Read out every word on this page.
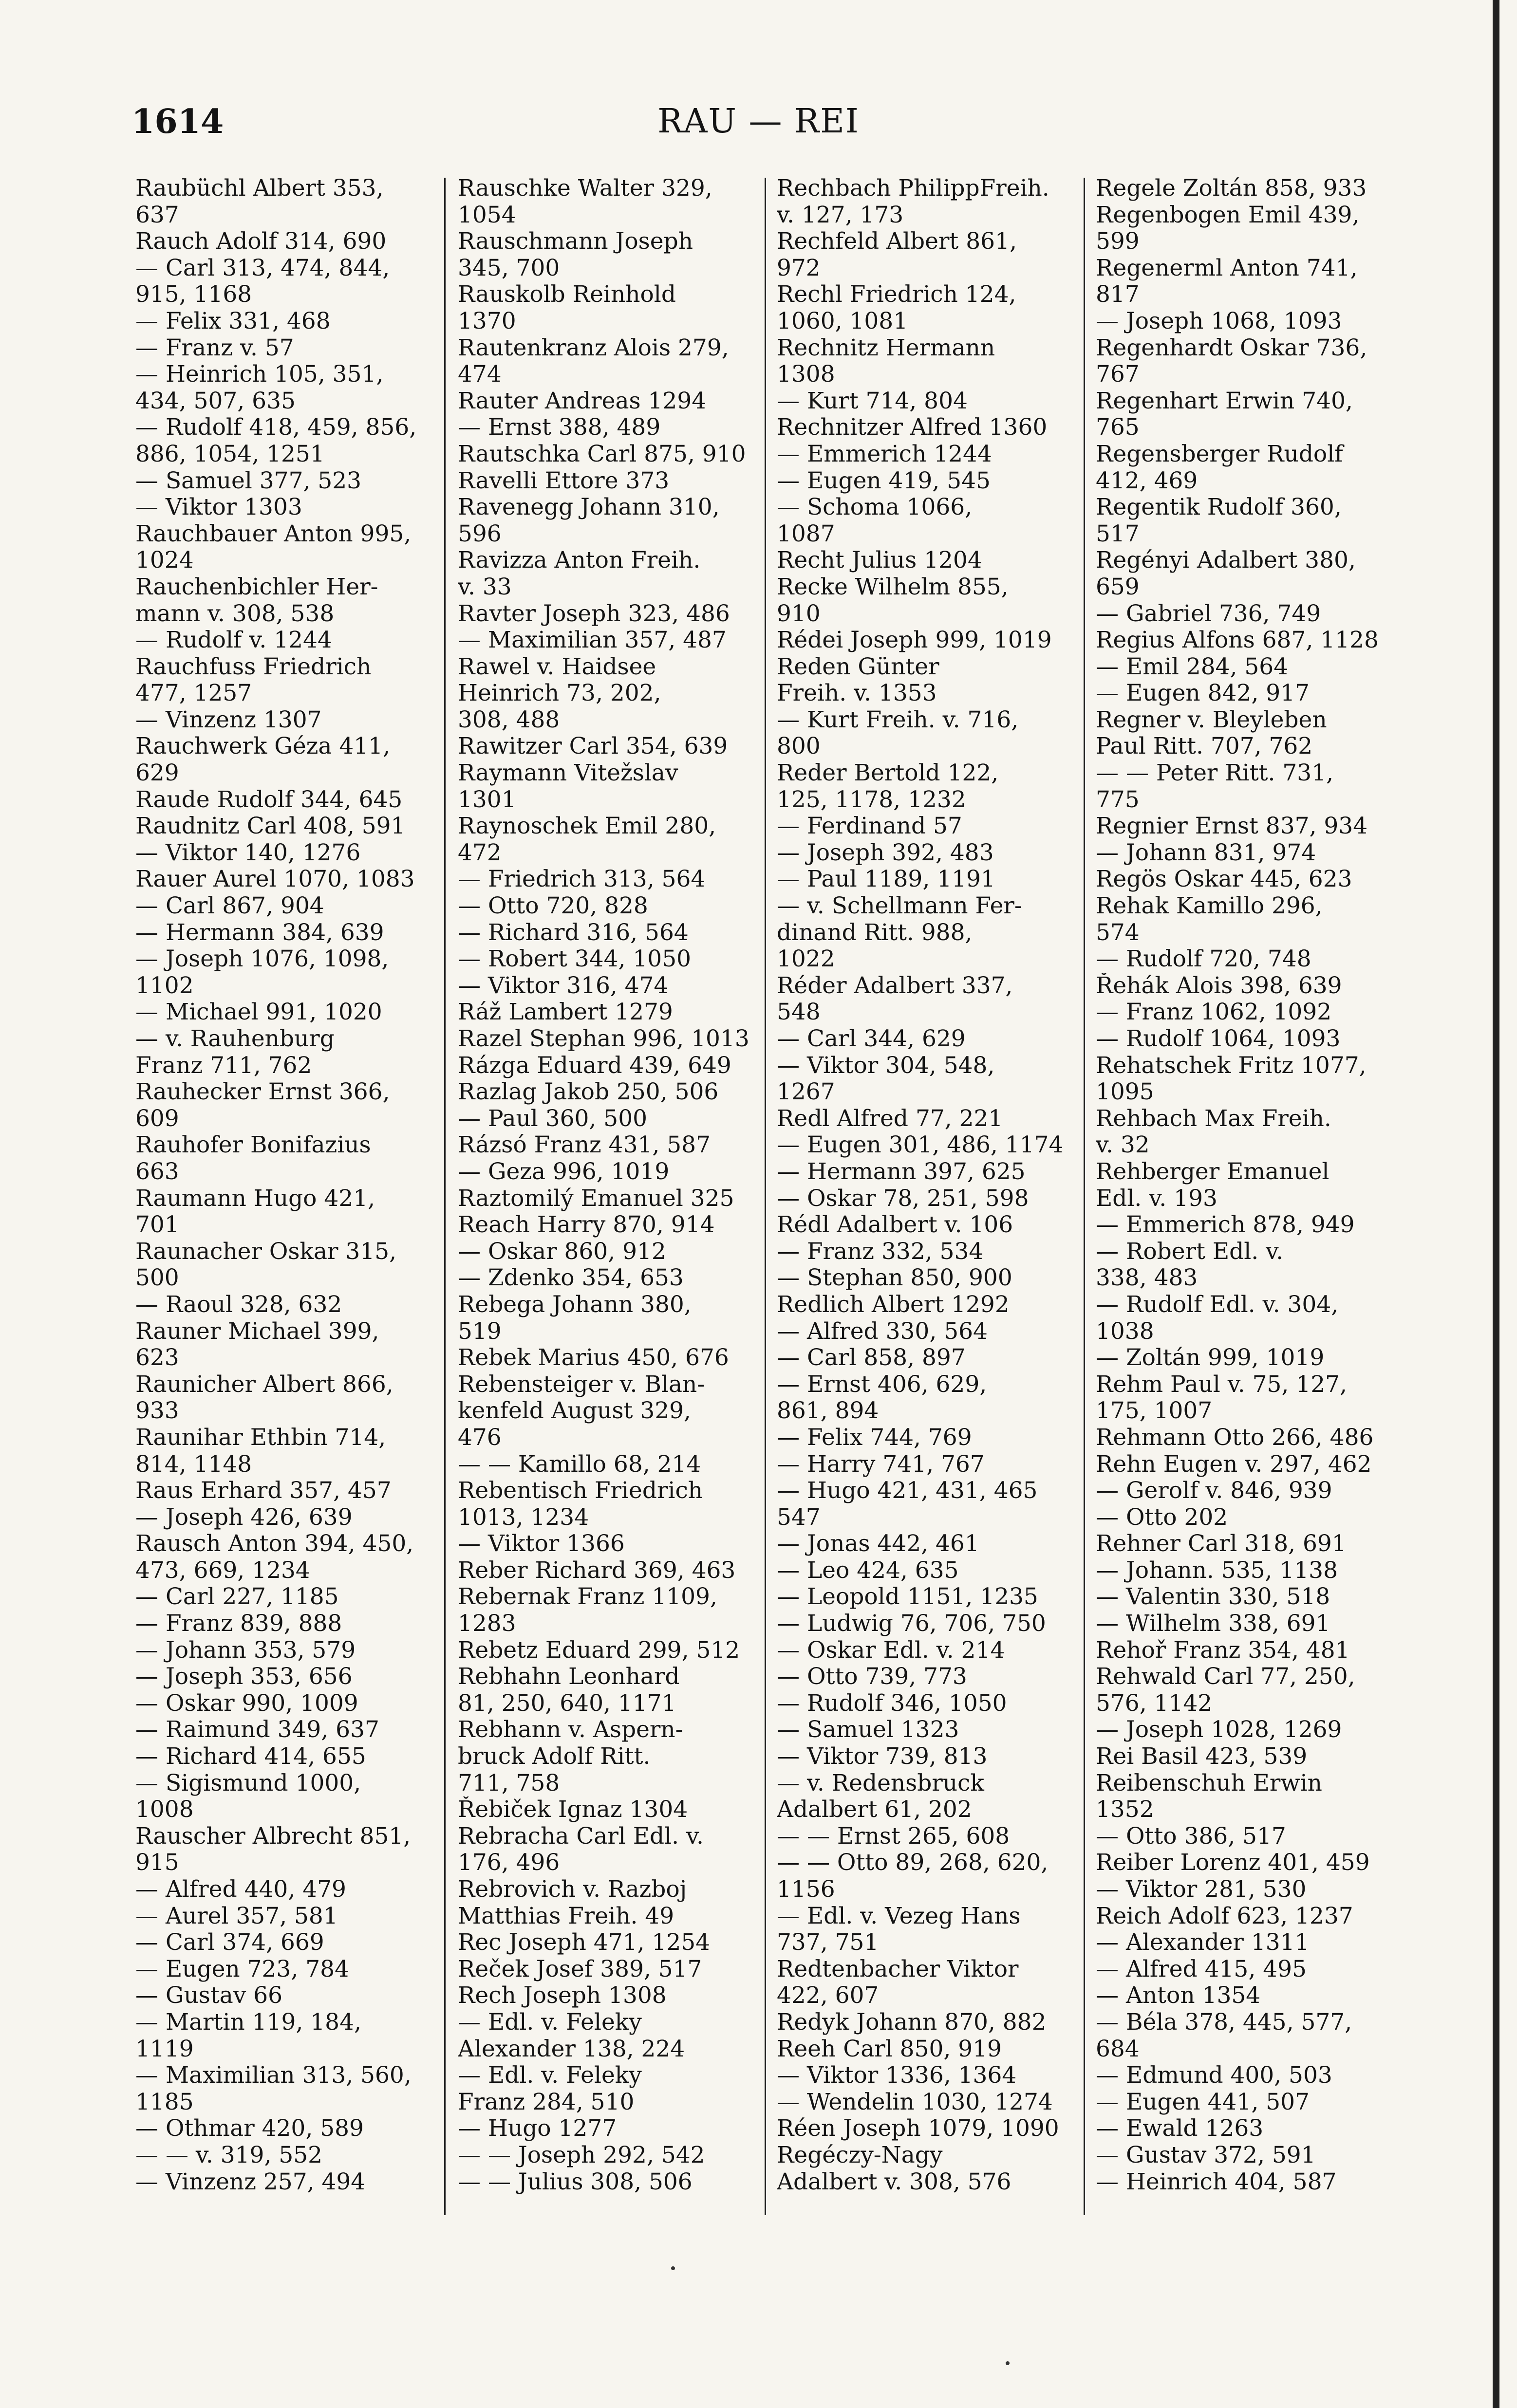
1614	RAU — REI
Raubüchl Albert 353,
637
Rauch Adolf 314, 690
— Carl 313, 474, 844,
915, 1168
— Felix 331, 468
— Franz v. 57
— Heinrich 105, 351,
434, 507, 635
— Rudolf 418, 459, 856,
886, 1054, 1251
— Samuel 377, 523
— Viktor 1303
Rauchbauer Anton 995,
1024
Rauchenbichler Her-
mann v. 308, 538
— Rudolf v. 1244
Rauchfuss Friedrich
477, 1257
— Vinzenz 1307
Rauchwerk Géza 411,
629
Raude Rudolf 344, 645
Raudnitz Carl 408, 591
— Viktor 140, 1276
Rauer Aurel 1070, 1083
— Carl 867, 904
— Hermann 384, 639
— Joseph 1076, 1098,
1102
— Michael 991, 1020
— v. Rauhenburg
Franz 711, 762
Rauhecker Ernst 366,
609
Rauhofer Bonifazius
663
Raumann Hugo 421,
701
Raunacher Oskar 315,
500
— Raoul 328, 632
Rauner Michael 399,
623
Raunicher Albert 866,
933
Raunihar Ethbin 714,
814, 1148
Raus Erhard 357, 457
— Joseph 426, 639
Rausch Anton 394, 450,
473, 669, 1234
— Carl 227, 1185
— Franz 839, 888
— Johann 353, 579
— Joseph 353, 656
— Oskar 990, 1009
— Raimund 349, 637
— Richard 414, 655
— Sigismund 1000,
1008
Rauscher Albrecht 851,
915
— Alfred 440, 479
— Aurel 357, 581
— Carl 374, 669
— Eugen 723, 784
— Gustav 66
— Martin 119, 184,
1119
— Maximilian 313, 560,
1185
— Othmar 420, 589
— — v. 319, 552
— Vinzenz 257, 494
Rauschke Walter 329,
1054
Rauschmann Joseph
345, 700
Rauskolb Reinhold
1370
Rautenkranz Alois 279,
474
Rauter Andreas 1294
— Ernst 388, 489
Rautschka Carl 875, 910
Ravelli Ettore 373
Ravenegg Johann 310,
596
Ravizza Anton Freih.
v. 33
Ravter Joseph 323, 486
— Maximilian 357, 487
Rawel v. Haidsee
Heinrich 73, 202,
308, 488
Rawitzer Carl 354, 639
Raymann Vitežslav
1301
Raynoschek Emil 280,
472
— Friedrich 313, 564
— Otto 720, 828
— Richard 316, 564
— Robert 344, 1050
— Viktor 316, 474
Ráž Lambert 1279
Razel Stephan 996, 1013
Rázga Eduard 439, 649
Razlag Jakob 250, 506
— Paul 360, 500
Rázsó Franz 431, 587
— Geza 996, 1019
Raztomilý Emanuel 325
Reach Harry 870, 914
— Oskar 860, 912
— Zdenko 354, 653
Rebega Johann 380,
519
Rebek Marius 450, 676
Rebensteiger v. Blan-
kenfeld August 329,
476
— — Kamillo 68, 214
Rebentisch Friedrich
1013, 1234
— Viktor 1366
Reber Richard 369, 463
Rebernak Franz 1109,
1283
Rebetz Eduard 299, 512
Rebhahn Leonhard
81, 250, 640, 1171
Rebhann v. Aspern-
bruck Adolf Ritt.
711, 758
Řebiček Ignaz 1304
Rebracha Carl Edl. v.
176, 496
Rebrovich v. Razboj
Matthias Freih. 49
Rec Joseph 471, 1254
Reček Josef 389, 517
Rech Joseph 1308
— Edl. v. Feleky
Alexander 138, 224
— Edl. v. Feleky
Franz 284, 510
— Hugo 1277
— — Joseph 292, 542
— — Julius 308, 506
Rechbach PhilippFreih.
v. 127, 173
Rechfeld Albert 861,
972
Rechl Friedrich 124,
1060, 1081
Rechnitz Hermann
1308
— Kurt 714, 804
Rechnitzer Alfred 1360
— Emmerich 1244
— Eugen 419, 545
— Schoma 1066,
1087
Recht Julius 1204
Recke Wilhelm 855,
910
Rédei Joseph 999, 1019
Reden Günter
Freih. v. 1353
— Kurt Freih. v. 716,
800
Reder Bertold 122,
125, 1178, 1232
— Ferdinand 57
— Joseph 392, 483
— Paul 1189, 1191
— v. Schellmann Fer-
dinand Ritt. 988,
1022
Réder Adalbert 337,
548
— Carl 344, 629
— Viktor 304, 548,
1267
Redl Alfred 77, 221
— Eugen 301, 486, 1174
— Hermann 397, 625
— Oskar 78, 251, 598
Rédl Adalbert v. 106
— Franz 332, 534
— Stephan 850, 900
Redlich Albert 1292
— Alfred 330, 564
— Carl 858, 897
— Ernst 406, 629,
861, 894
— Felix 744, 769
— Harry 741, 767
— Hugo 421, 431, 465
547
— Jonas 442, 461
— Leo 424, 635
— Leopold 1151, 1235
— Ludwig 76, 706, 750
— Oskar Edl. v. 214
— Otto 739, 773
— Rudolf 346, 1050
— Samuel 1323
— Viktor 739, 813
— v. Redensbruck
Adalbert 61, 202
— — Ernst 265, 608
— — Otto 89, 268, 620,
1156
— Edl. v. Vezeg Hans
737, 751
Redtenbacher Viktor
422, 607
Redyk Johann 870, 882
Reeh Carl 850, 919
— Viktor 1336, 1364
— Wendelin 1030, 1274
Réen Joseph 1079, 1090
Regéczy-Nagy
Adalbert v. 308, 576
Regele Zoltán 858, 933
Regenbogen Emil 439,
599
Regenerml Anton 741,
817
— Joseph 1068, 1093
Regenhardt Oskar 736,
767
Regenhart Erwin 740,
765
Regensberger Rudolf
412, 469
Regentik Rudolf 360,
517
Regényi Adalbert 380,
659
— Gabriel 736, 749
Regius Alfons 687, 1128
— Emil 284, 564
— Eugen 842, 917
Regner v. Bleyleben
Paul Ritt. 707, 762
— — Peter Ritt. 731,
775
Regnier Ernst 837, 934
— Johann 831, 974
Regös Oskar 445, 623
Rehak Kamillo 296,
574
— Rudolf 720, 748
Řehák Alois 398, 639
— Franz 1062, 1092
— Rudolf 1064, 1093
Rehatschek Fritz 1077,
1095
Rehbach Max Freih.
v. 32
Rehberger Emanuel
Edl. v. 193
— Emmerich 878, 949
— Robert Edl. v.
338, 483
— Rudolf Edl. v. 304,
1038
— Zoltán 999, 1019
Rehm Paul v. 75, 127,
175, 1007
Rehmann Otto 266, 486
Rehn Eugen v. 297, 462
— Gerolf v. 846, 939
— Otto 202
Rehner Carl 318, 691
— Johann. 535, 1138
— Valentin 330, 518
— Wilhelm 338, 691
Rehoř Franz 354, 481
Rehwald Carl 77, 250,
576, 1142
— Joseph 1028, 1269
Rei Basil 423, 539
Reibenschuh Erwin
1352
— Otto 386, 517
Reiber Lorenz 401, 459
— Viktor 281, 530
Reich Adolf 623, 1237
— Alexander 1311
— Alfred 415, 495
— Anton 1354
— Béla 378, 445, 577,
684
— Edmund 400, 503
— Eugen 441, 507
— Ewald 1263
— Gustav 372, 591
— Heinrich 404, 587
